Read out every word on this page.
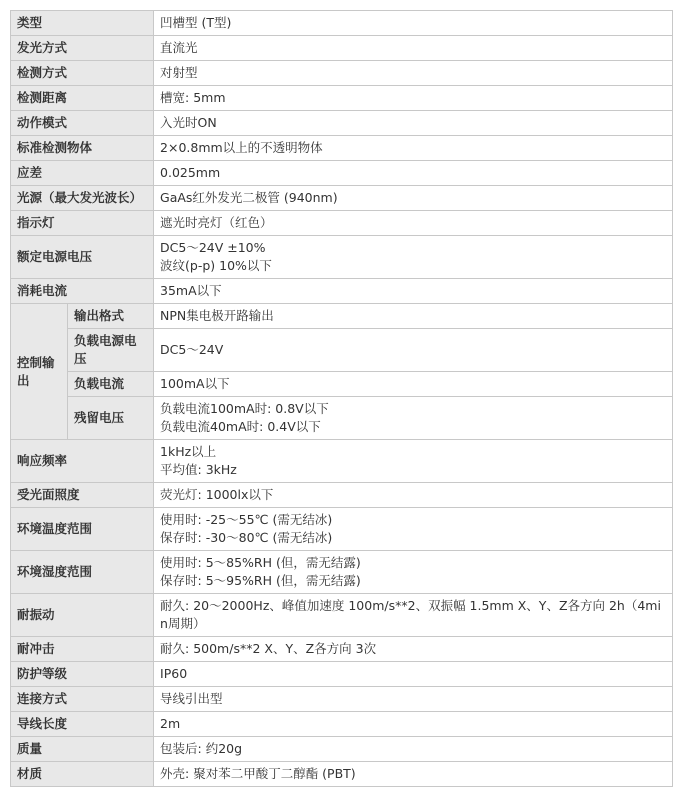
类型		凹槽型 (T型)

发光方式		直流光

检测方式		对射型

检测距离		槽宽: 5mm

动作模式		入光时ON

标准检测物体		2×0.8mm以上的不透明物体

应差		0.025mm

光源（最大发光波长）		GaAs红外发光二极管 (940nm)

指示灯		遮光时亮灯（红色）

额定电源电压		DC5～24V ±10%
波纹(p-p) 10%以下

消耗电流		35mA以下

控制输出	输出格式	NPN集电极开路输出

	负载电源电压	DC5～24V

	负载电流	100mA以下

	残留电压	负载电流100mA时: 0.8V以下
负载电流40mA时: 0.4V以下

响应频率		1kHz以上
平均值: 3kHz

受光面照度		荧光灯: 1000lx以下

环境温度范围		使用时: -25～55℃ (需无结冰)
保存时: -30～80℃ (需无结冰)

环境湿度范围		使用时: 5～85%RH (但，需无结露)
保存时: 5～95%RH (但，需无结露)

耐振动		耐久: 20～2000Hz、峰值加速度 100m/s**2、双振幅 1.5mm X、Y、Z各方向 2h（4min周期）

耐冲击		耐久: 500m/s**2 X、Y、Z各方向 3次

防护等级		IP60

连接方式		导线引出型

导线长度		2m

质量		包装后: 约20g

材质		外壳: 聚对苯二甲酸丁二醇酯 (PBT)
